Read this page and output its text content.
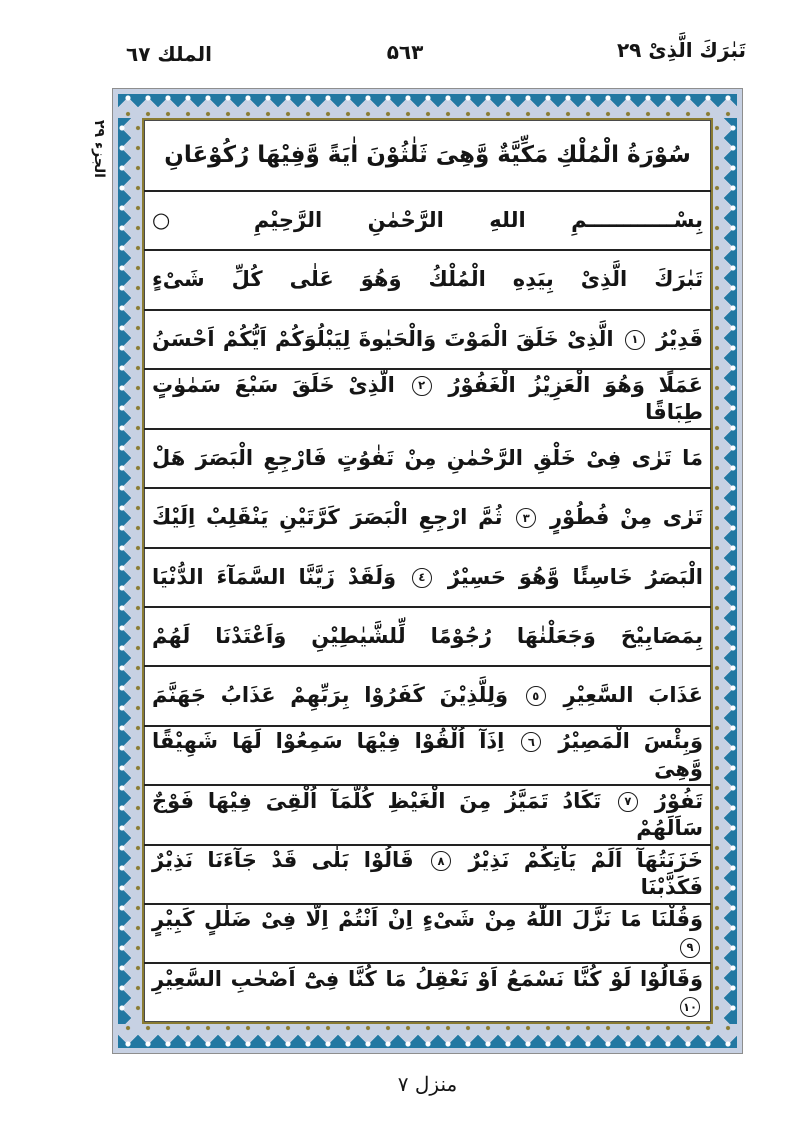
تَبٰرَكَ الَّذِىْ ٢٩
۵٦۳
الملك ٦٧
الجزء ٢٩ سُوْرَةُ الْمُلْكِ مَكِّيَّةٌ وَّهِىَ ثَلٰثُوْنَ اٰيَةً وَّفِيْهَا رُكُوْعَانِ
بِسْــــــــــــمِ اللهِ الرَّحْمٰنِ الرَّحِيْمِ ○
تَبٰرَكَ الَّذِىْ بِيَدِهِ الْمُلْكُ وَهُوَ عَلٰى كُلِّ شَىْءٍ
قَدِيْرُ ١ الَّذِىْ خَلَقَ الْمَوْتَ وَالْحَيٰوةَ لِيَبْلُوَكُمْ اَيُّكُمْ اَحْسَنُ
عَمَلًا وَهُوَ الْعَزِيْزُ الْغَفُوْرُ ٢ الَّذِىْ خَلَقَ سَبْعَ سَمٰوٰتٍ طِبَاقًا
مَا تَرٰى فِىْ خَلْقِ الرَّحْمٰنِ مِنْ تَفٰوُتٍ فَارْجِعِ الْبَصَرَ هَلْ
تَرٰى مِنْ فُطُوْرٍ ٣ ثُمَّ ارْجِعِ الْبَصَرَ كَرَّتَيْنِ يَنْقَلِبْ اِلَيْكَ
الْبَصَرُ خَاسِئًا وَّهُوَ حَسِيْرٌ ٤ وَلَقَدْ زَيَّنَّا السَّمَآءَ الدُّنْيَا
بِمَصَابِيْحَ وَجَعَلْنٰهَا رُجُوْمًا لِّلشَّيٰطِيْنِ وَاَعْتَدْنَا لَهُمْ
عَذَابَ السَّعِيْرِ ٥ وَلِلَّذِيْنَ كَفَرُوْا بِرَبِّهِمْ عَذَابُ جَهَنَّمَ
وَبِئْسَ الْمَصِيْرُ ٦ اِذَآ اُلْقُوْا فِيْهَا سَمِعُوْا لَهَا شَهِيْقًا وَّهِىَ
تَفُوْرُ ٧ تَكَادُ تَمَيَّزُ مِنَ الْغَيْظِ كُلَّمَآ اُلْقِىَ فِيْهَا فَوْجٌ سَاَلَهُمْ
خَزَنَتُهَآ اَلَمْ يَاْتِكُمْ نَذِيْرٌ ٨ قَالُوْا بَلٰى قَدْ جَآءَنَا نَذِيْرٌ فَكَذَّبْنَا
وَقُلْنَا مَا نَزَّلَ اللّٰهُ مِنْ شَىْءٍ اِنْ اَنْتُمْ اِلَّا فِىْ ضَلٰلٍ كَبِيْرٍ ٩
وَقَالُوْا لَوْ كُنَّا نَسْمَعُ اَوْ نَعْقِلُ مَا كُنَّا فِىْٓ اَصْحٰبِ السَّعِيْرِ ١٠
منزل ٧
